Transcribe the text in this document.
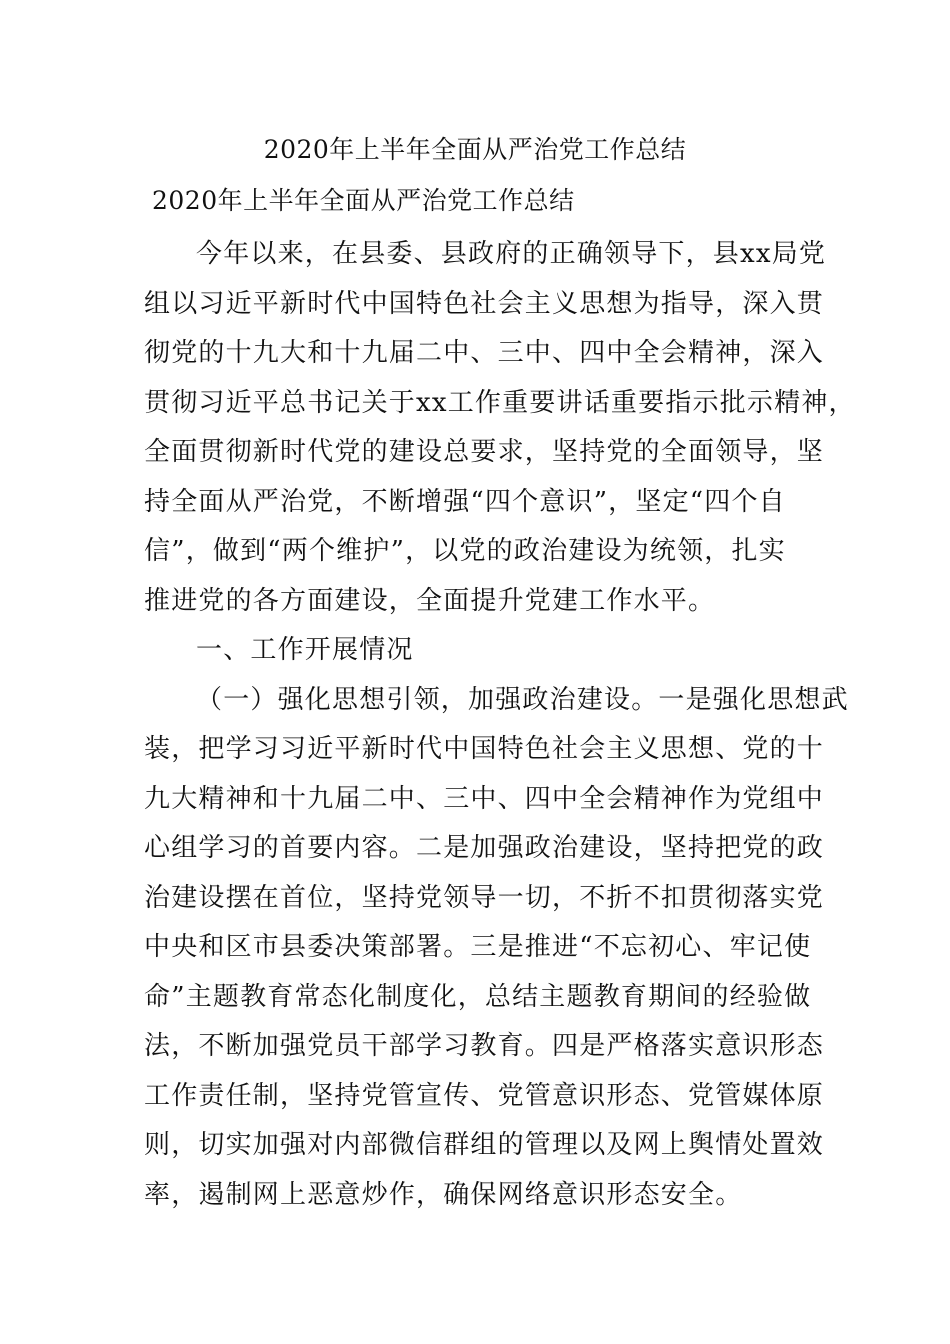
2020年上半年全面从严治党工作总结
2020年上半年全面从严治党工作总结
今年以来，在县委、县政府的正确领导下，县xx局党
组以习近平新时代中国特色社会主义思想为指导，深入贯
彻党的十九大和十九届二中、三中、四中全会精神，深入
贯彻习近平总书记关于xx工作重要讲话重要指示批示精神，
全面贯彻新时代党的建设总要求，坚持党的全面领导，坚
持全面从严治党，不断增强“四个意识”，坚定“四个自
信”，做到“两个维护”，以党的政治建设为统领，扎实
推进党的各方面建设，全面提升党建工作水平。
一、工作开展情况
（一）强化思想引领，加强政治建设。一是强化思想武
装，把学习习近平新时代中国特色社会主义思想、党的十
九大精神和十九届二中、三中、四中全会精神作为党组中
心组学习的首要内容。二是加强政治建设，坚持把党的政
治建设摆在首位，坚持党领导一切，不折不扣贯彻落实党
中央和区市县委决策部署。三是推进“不忘初心、牢记使
命”主题教育常态化制度化，总结主题教育期间的经验做
法，不断加强党员干部学习教育。四是严格落实意识形态
工作责任制，坚持党管宣传、党管意识形态、党管媒体原
则，切实加强对内部微信群组的管理以及网上舆情处置效
率，遏制网上恶意炒作，确保网络意识形态安全。
